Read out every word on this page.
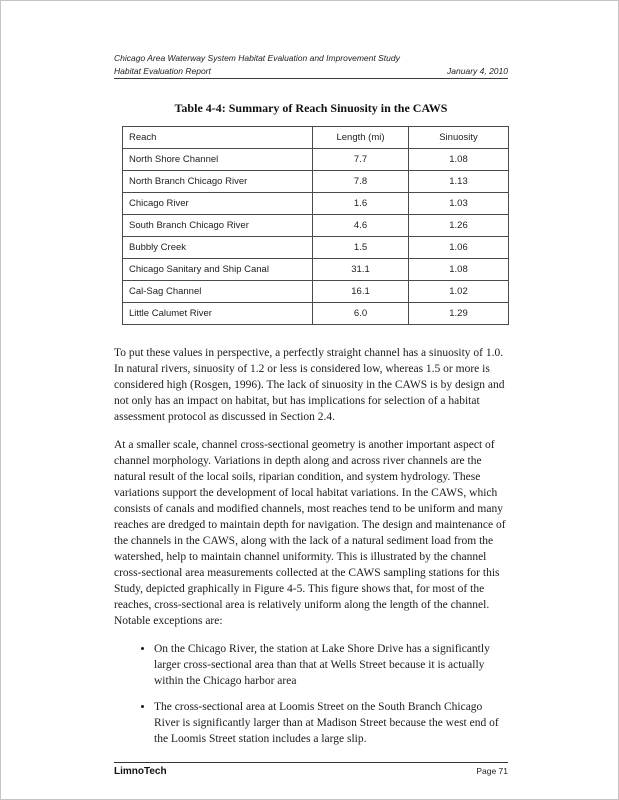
Chicago Area Waterway System Habitat Evaluation and Improvement Study
Habitat Evaluation Report	January 4, 2010
Table 4-4: Summary of Reach Sinuosity in the CAWS
Reach	Length (mi)	Sinuosity
North Shore Channel	7.7	1.08
North Branch Chicago River	7.8	1.13
Chicago River	1.6	1.03
South Branch Chicago River	4.6	1.26
Bubbly Creek	1.5	1.06
Chicago Sanitary and Ship Canal	31.1	1.08
Cal-Sag Channel	16.1	1.02
Little Calumet River	6.0	1.29

To put these values in perspective, a perfectly straight channel has a sinuosity of 1.0. In natural rivers, sinuosity of 1.2 or less is considered low, whereas 1.5 or more is considered high (Rosgen, 1996). The lack of sinuosity in the CAWS is by design and not only has an impact on habitat, but has implications for selection of a habitat assessment protocol as discussed in Section 2.4.

At a smaller scale, channel cross-sectional geometry is another important aspect of channel morphology. Variations in depth along and across river channels are the natural result of the local soils, riparian condition, and system hydrology. These variations support the development of local habitat variations. In the CAWS, which consists of canals and modified channels, most reaches tend to be uniform and many reaches are dredged to maintain depth for navigation. The design and maintenance of the channels in the CAWS, along with the lack of a natural sediment load from the watershed, help to maintain channel uniformity. This is illustrated by the channel cross-sectional area measurements collected at the CAWS sampling stations for this Study, depicted graphically in Figure 4-5. This figure shows that, for most of the reaches, cross-sectional area is relatively uniform along the length of the channel. Notable exceptions are:

• On the Chicago River, the station at Lake Shore Drive has a significantly larger cross-sectional area than that at Wells Street because it is actually within the Chicago harbor area
• The cross-sectional area at Loomis Street on the South Branch Chicago River is significantly larger than at Madison Street because the west end of the Loomis Street station includes a large slip.
LimnoTech	Page 71
